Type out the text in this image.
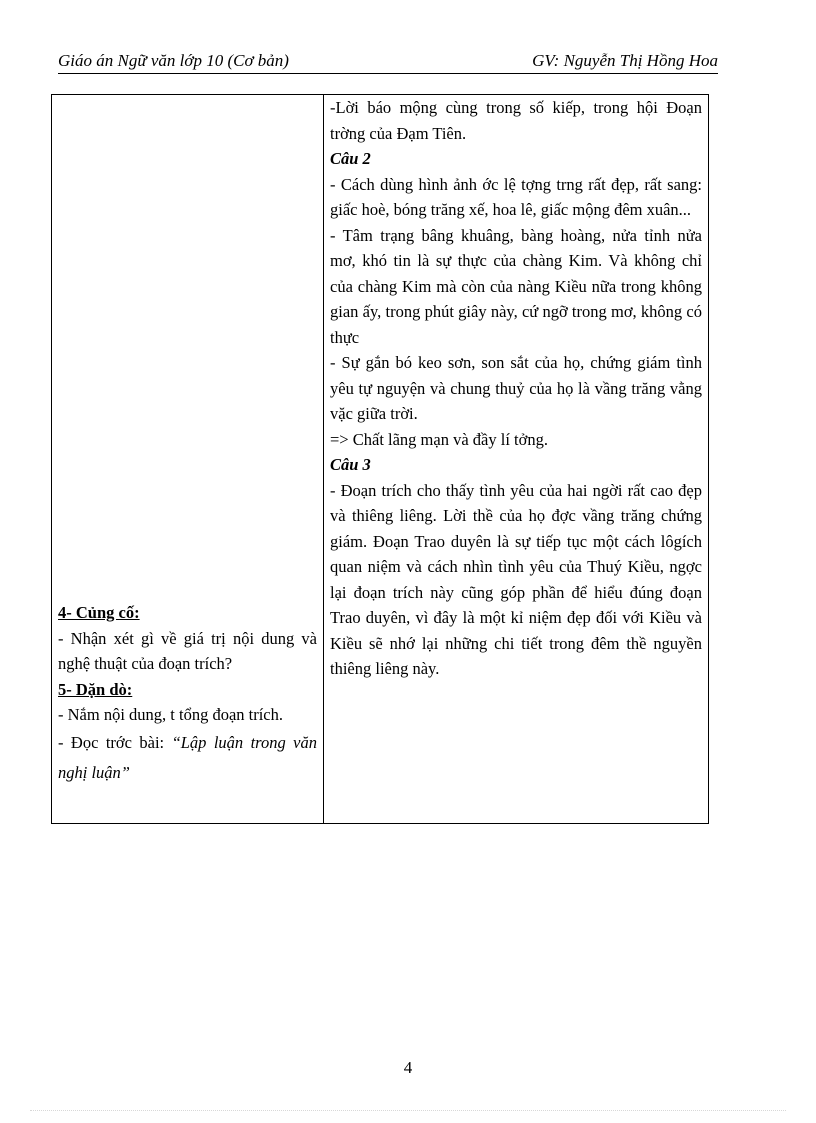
Giáo án Ngữ văn lớp 10 (Cơ bản)	GV: Nguyễn Thị Hồng Hoa

4- Củng cố:

- Nhận xét gì về giá trị nội dung và nghệ thuật của đoạn trích?

5- Dặn dò:

- Nắm nội dung, t tổng đoạn trích.

- Đọc trớc bài: “Lập luận trong văn nghị luận”

-Lời báo mộng cùng trong số kiếp, trong hội Đoạn trờng của Đạm Tiên.

Câu 2

- Cách dùng hình ảnh ớc lệ tợng trng rất đẹp, rất sang: giấc hoè, bóng trăng xế, hoa lê, giấc mộng đêm xuân...

- Tâm trạng bâng khuâng, bàng hoàng, nửa tỉnh nửa mơ, khó tin là sự thực của chàng Kim. Và không chỉ của chàng Kim mà còn của nàng Kiều nữa trong không gian ấy, trong phút giây này, cứ ngỡ trong mơ, không có thực

- Sự gắn bó keo sơn, son sắt của họ, chứng giám tình yêu tự nguyện và chung thuỷ của họ là vầng trăng vằng vặc giữa trời.

=> Chất lãng mạn và đầy lí tởng.

Câu 3

- Đoạn trích cho thấy tình yêu của hai ngời rất cao đẹp và thiêng liêng. Lời thề của họ đợc vầng trăng chứng giám. Đoạn Trao duyên là sự tiếp tục một cách lôgích quan niệm và cách nhìn tình yêu của Thuý Kiều, ngợc lại đoạn trích này cũng góp phần để hiểu đúng đoạn Trao duyên, vì đây là một kỉ niệm đẹp đối với Kiều và Kiều sẽ nhớ lại những chi tiết trong đêm thề nguyền thiêng liêng này.

4
